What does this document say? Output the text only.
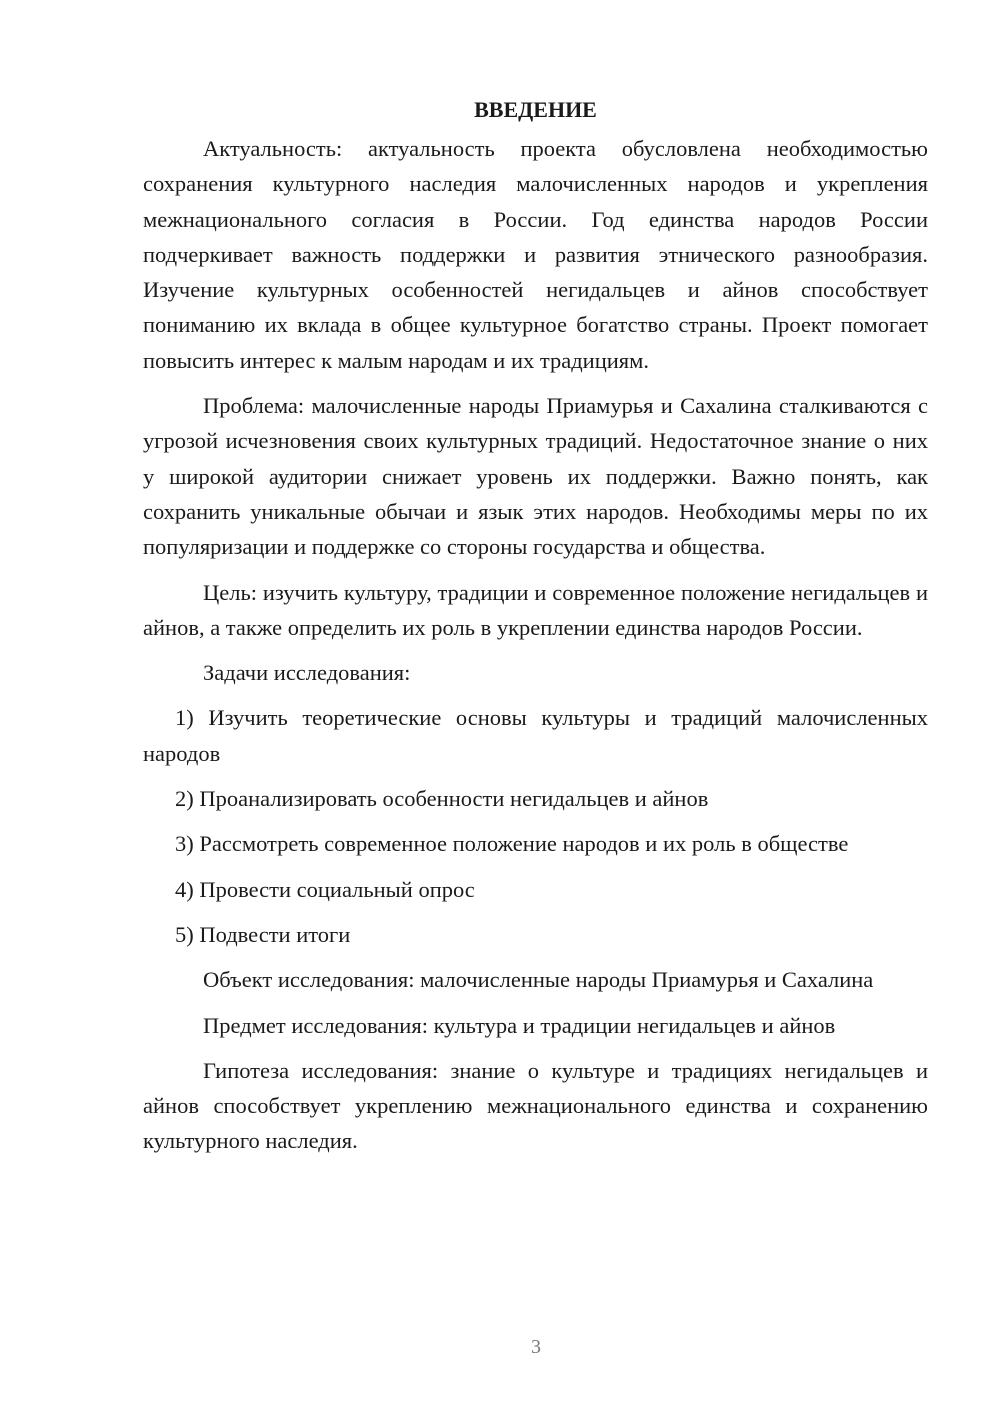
ВВЕДЕНИЕ

Актуальность: актуальность проекта обусловлена необходимостью сохранения культурного наследия малочисленных народов и укрепления межнационального согласия в России. Год единства народов России подчеркивает важность поддержки и развития этнического разнообразия. Изучение культурных особенностей негидальцев и айнов способствует пониманию их вклада в общее культурное богатство страны. Проект помогает повысить интерес к малым народам и их традициям.

Проблема: малочисленные народы Приамурья и Сахалина сталкиваются с угрозой исчезновения своих культурных традиций. Недостаточное знание о них у широкой аудитории снижает уровень их поддержки. Важно понять, как сохранить уникальные обычаи и язык этих народов. Необходимы меры по их популяризации и поддержке со стороны государства и общества.

Цель: изучить культуру, традиции и современное положение негидальцев и айнов, а также определить их роль в укреплении единства народов России.

Задачи исследования:

1) Изучить теоретические основы культуры и традиций малочисленных народов

2) Проанализировать особенности негидальцев и айнов

3) Рассмотреть современное положение народов и их роль в обществе

4) Провести социальный опрос

5) Подвести итоги

Объект исследования: малочисленные народы Приамурья и Сахалина

Предмет исследования: культура и традиции негидальцев и айнов

Гипотеза исследования: знание о культуре и традициях негидальцев и айнов способствует укреплению межнационального единства и сохранению культурного наследия.

3
